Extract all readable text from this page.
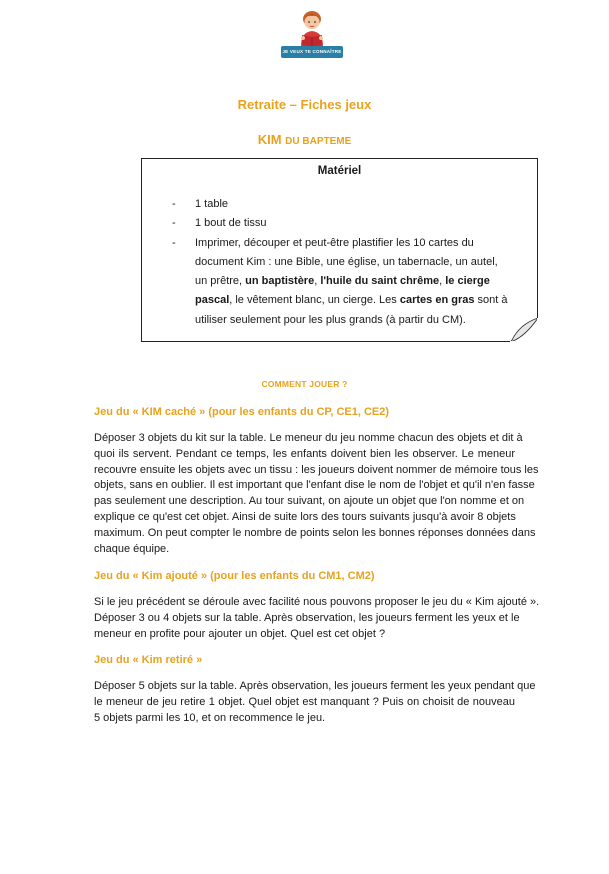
JE VEUX TE CONNAÎTRE
Retraite – Fiches jeux
KIM DU BAPTEME
Matériel
- 1 table
- 1 bout de tissu
- Imprimer, découper et peut-être plastifier les 10 cartes du
document Kim : une Bible, une église, un tabernacle, un autel,
un prêtre, un baptistère, l'huile du saint chrême, le cierge
pascal, le vêtement blanc, un cierge. Les cartes en gras sont à
utiliser seulement pour les plus grands (à partir du CM).
COMMENT JOUER ?
Jeu du « KIM caché » (pour les enfants du CP, CE1, CE2)
Déposer 3 objets du kit sur la table. Le meneur du jeu nomme chacun des objets et dit à
quoi ils servent. Pendant ce temps, les enfants doivent bien les observer. Le meneur
recouvre ensuite les objets avec un tissu : les joueurs doivent nommer de mémoire tous les
objets, sans en oublier. Il est important que l'enfant dise le nom de l'objet et qu'il n'en fasse
pas seulement une description. Au tour suivant, on ajoute un objet que l'on nomme et on
explique ce qu'est cet objet. Ainsi de suite lors des tours suivants jusqu'à avoir 8 objets
maximum. On peut compter le nombre de points selon les bonnes réponses données dans
chaque équipe.
Jeu du « Kim ajouté » (pour les enfants du CM1, CM2)
Si le jeu précédent se déroule avec facilité nous pouvons proposer le jeu du « Kim ajouté ».
Déposer 3 ou 4 objets sur la table. Après observation, les joueurs ferment les yeux et le
meneur en profite pour ajouter un objet. Quel est cet objet ?
Jeu du « Kim retiré »
Déposer 5 objets sur la table. Après observation, les joueurs ferment les yeux pendant que
le meneur de jeu retire 1 objet. Quel objet est manquant ? Puis on choisit de nouveau
5 objets parmi les 10, et on recommence le jeu.
